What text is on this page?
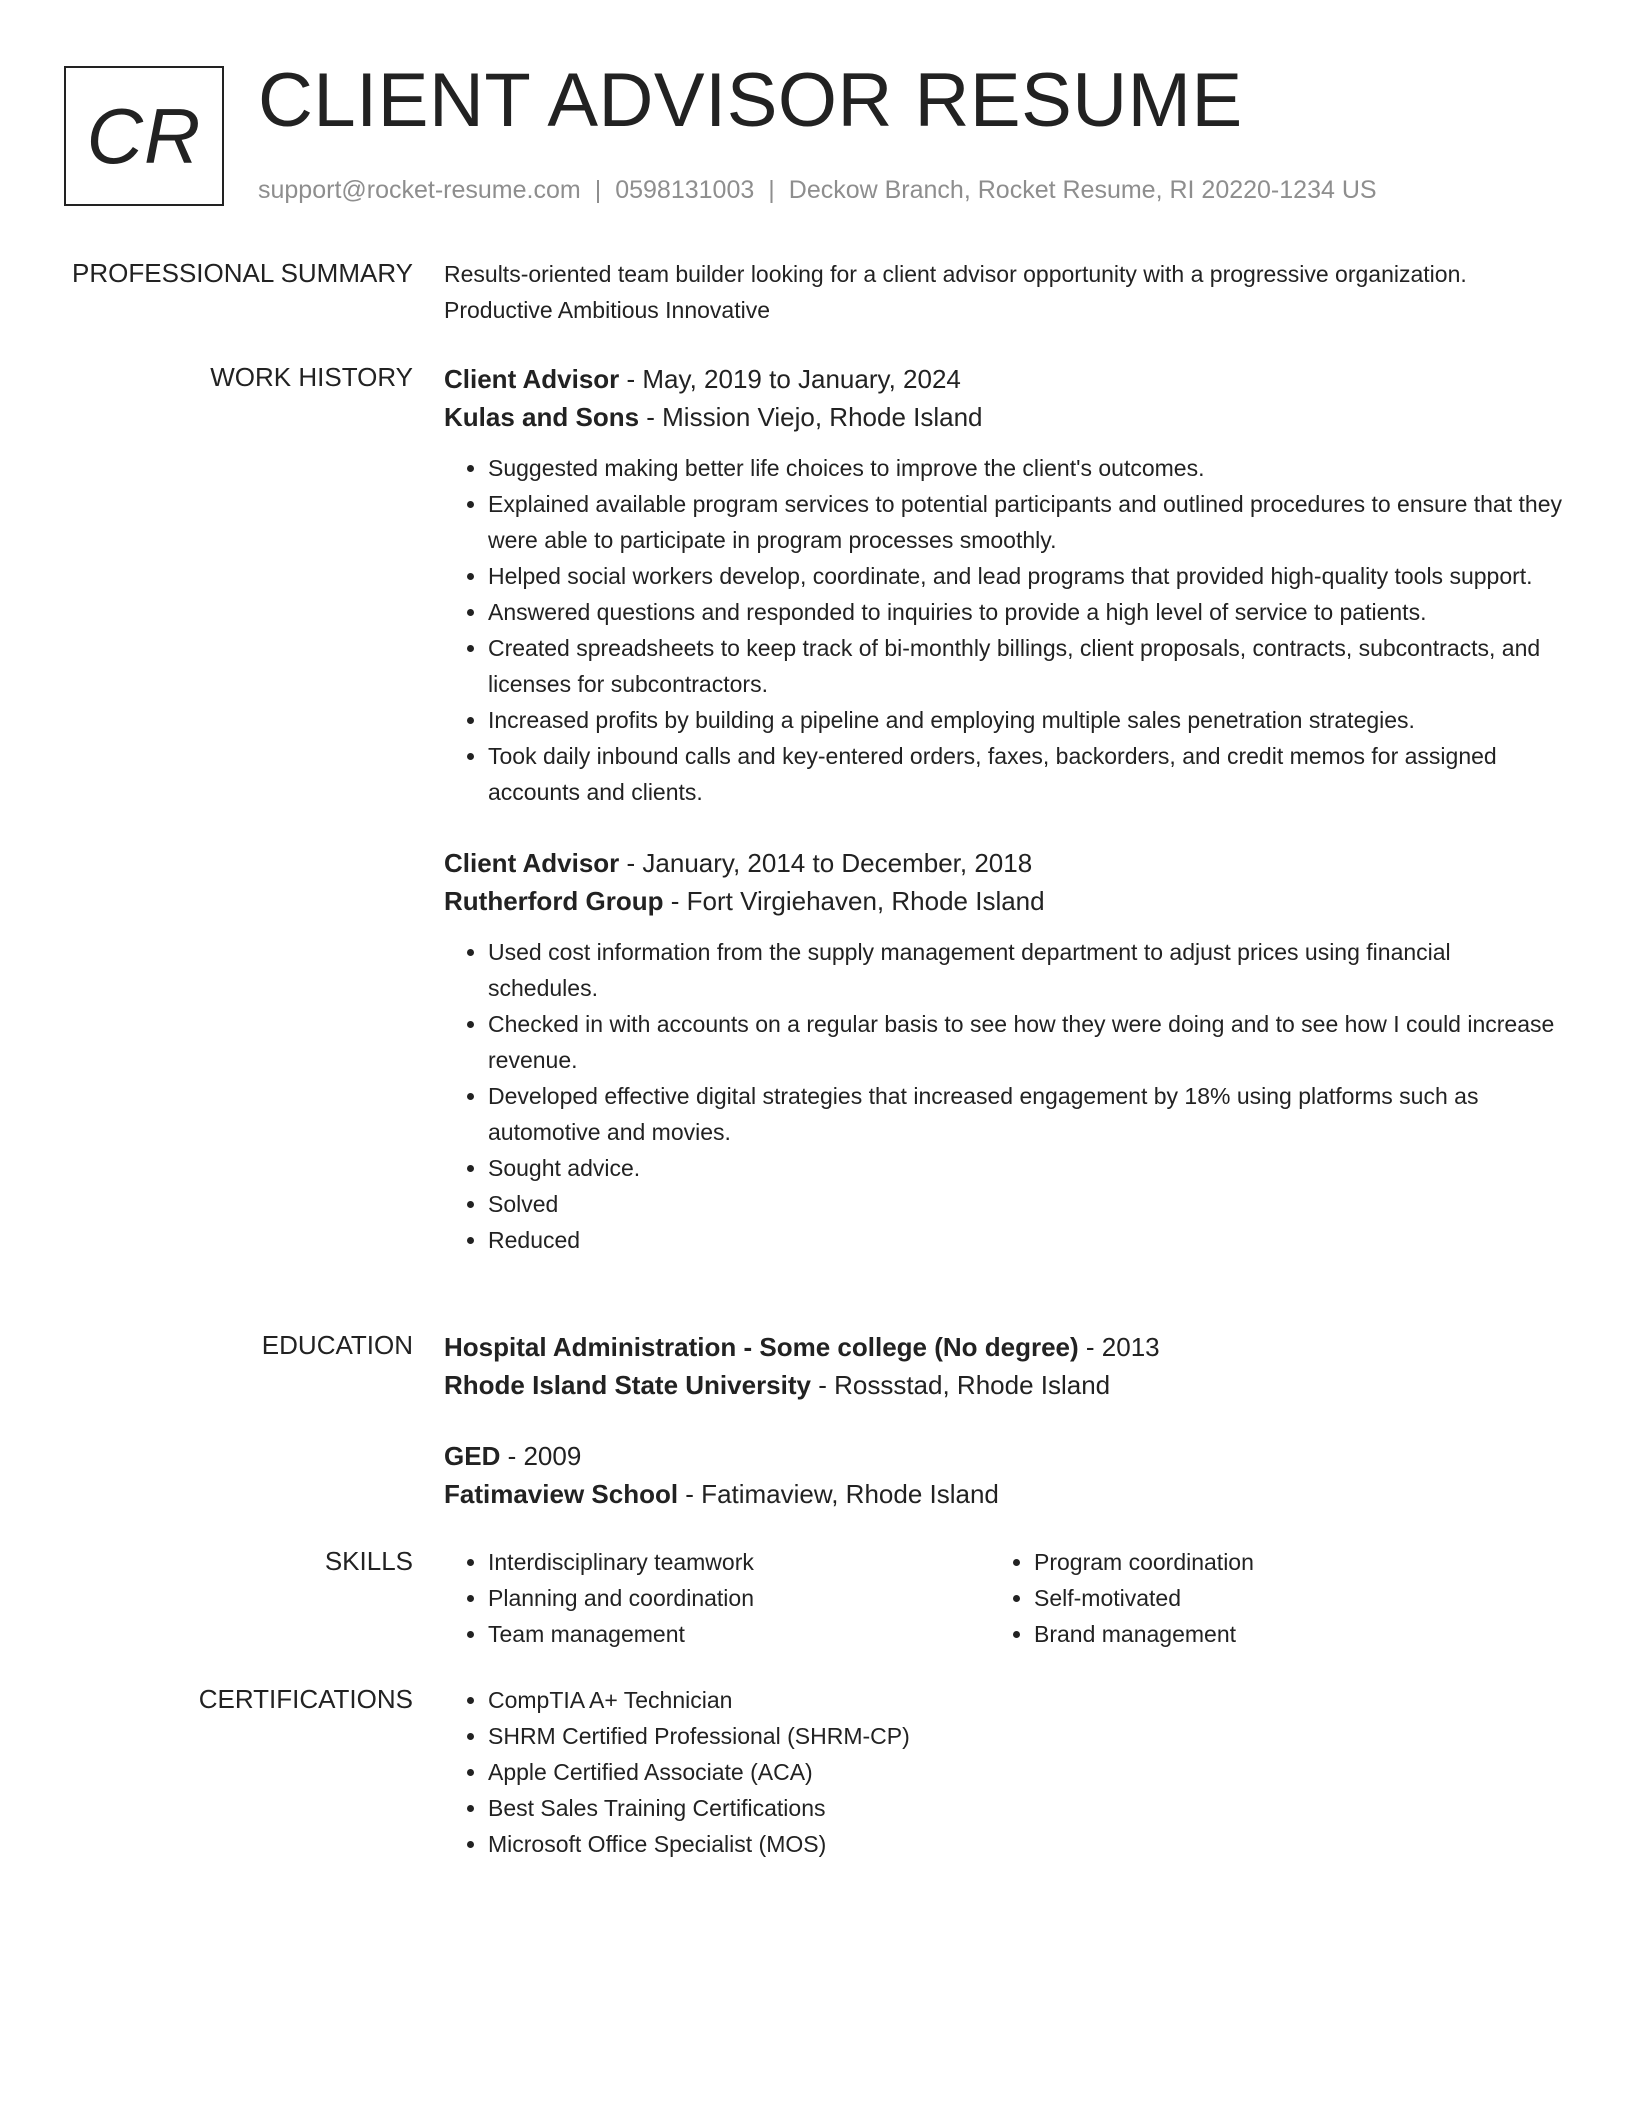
CR CLIENT ADVISOR RESUME
support@rocket-resume.com | 0598131003 | Deckow Branch, Rocket Resume, RI 20220-1234 US
PROFESSIONAL SUMMARY Results-oriented team builder looking for a client advisor opportunity with a progressive organization.
Productive Ambitious Innovative
WORK HISTORY Client Advisor - May, 2019 to January, 2024
Kulas and Sons - Mission Viejo, Rhode Island
• Suggested making better life choices to improve the client's outcomes.
• Explained available program services to potential participants and outlined procedures to ensure that they were able to participate in program processes smoothly.
• Helped social workers develop, coordinate, and lead programs that provided high-quality tools support.
• Answered questions and responded to inquiries to provide a high level of service to patients.
• Created spreadsheets to keep track of bi-monthly billings, client proposals, contracts, subcontracts, and licenses for subcontractors.
• Increased profits by building a pipeline and employing multiple sales penetration strategies.
• Took daily inbound calls and key-entered orders, faxes, backorders, and credit memos for assigned accounts and clients.
Client Advisor - January, 2014 to December, 2018
Rutherford Group - Fort Virgiehaven, Rhode Island
• Used cost information from the supply management department to adjust prices using financial schedules.
• Checked in with accounts on a regular basis to see how they were doing and to see how I could increase revenue.
• Developed effective digital strategies that increased engagement by 18% using platforms such as automotive and movies.
• Sought advice.
• Solved
• Reduced
EDUCATION Hospital Administration - Some college (No degree) - 2013
Rhode Island State University - Rossstad, Rhode Island
GED - 2009
Fatimaview School - Fatimaview, Rhode Island
SKILLS	• Interdisciplinary teamwork
• Planning and coordination
• Team management
• Program coordination
• Self-motivated
• Brand management
CERTIFICATIONS	• CompTIA A+ Technician
• SHRM Certified Professional (SHRM-CP)
• Apple Certified Associate (ACA)
• Best Sales Training Certifications
• Microsoft Office Specialist (MOS)
